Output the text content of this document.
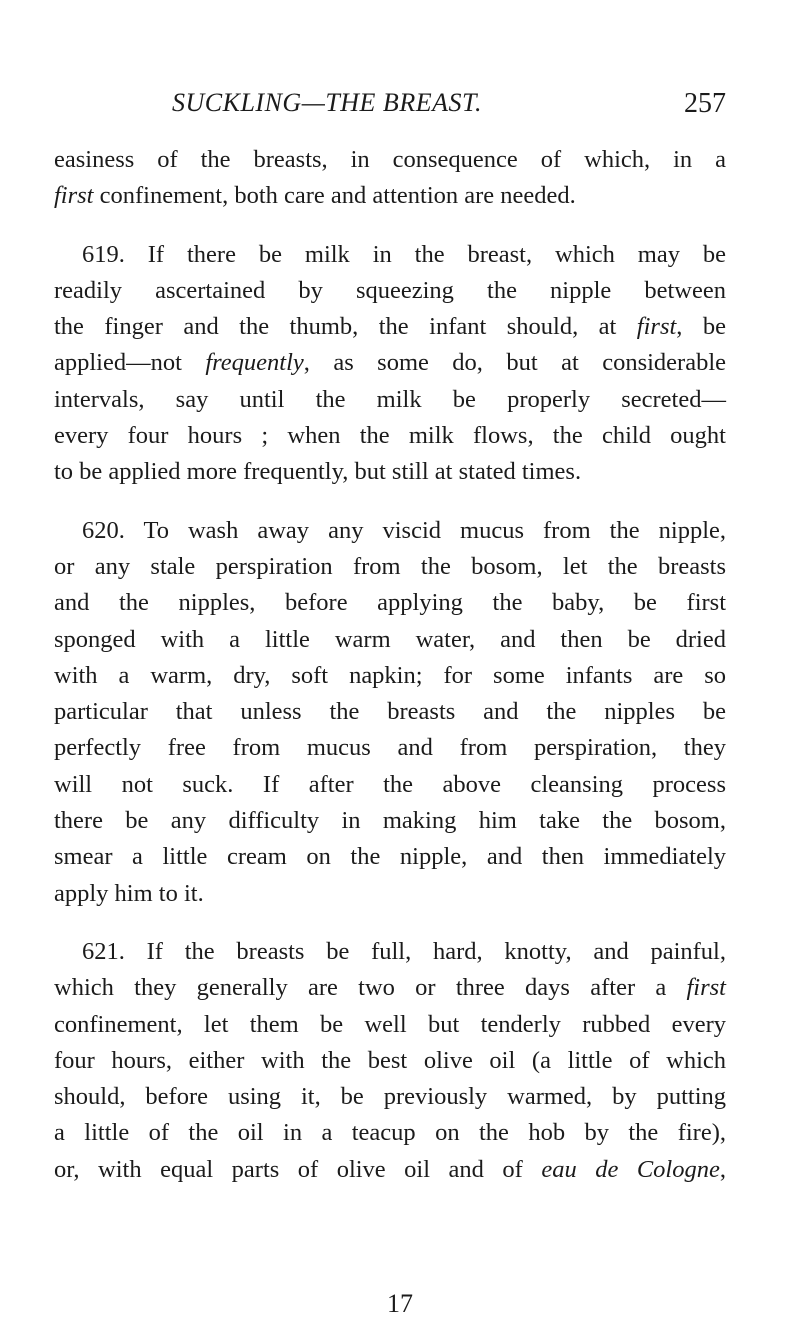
SUCKLING—THE BREAST.	257

easiness of the breasts, in consequence of which, in a
first confinement, both care and attention are needed.

619. If there be milk in the breast, which may be
readily ascertained by squeezing the nipple between
the finger and the thumb, the infant should, at first, be
applied—not frequently, as some do, but at considerable
intervals, say until the milk be properly secreted—
every four hours ; when the milk flows, the child ought
to be applied more frequently, but still at stated times.

620. To wash away any viscid mucus from the nipple,
or any stale perspiration from the bosom, let the breasts
and the nipples, before applying the baby, be first
sponged with a little warm water, and then be dried
with a warm, dry, soft napkin; for some infants are so
particular that unless the breasts and the nipples be
perfectly free from mucus and from perspiration, they
will not suck. If after the above cleansing process
there be any difficulty in making him take the bosom,
smear a little cream on the nipple, and then immediately
apply him to it.

621. If the breasts be full, hard, knotty, and painful,
which they generally are two or three days after a first
confinement, let them be well but tenderly rubbed every
four hours, either with the best olive oil (a little of which
should, before using it, be previously warmed, by putting
a little of the oil in a teacup on the hob by the fire),
or, with equal parts of olive oil and of eau de Cologne,

17
